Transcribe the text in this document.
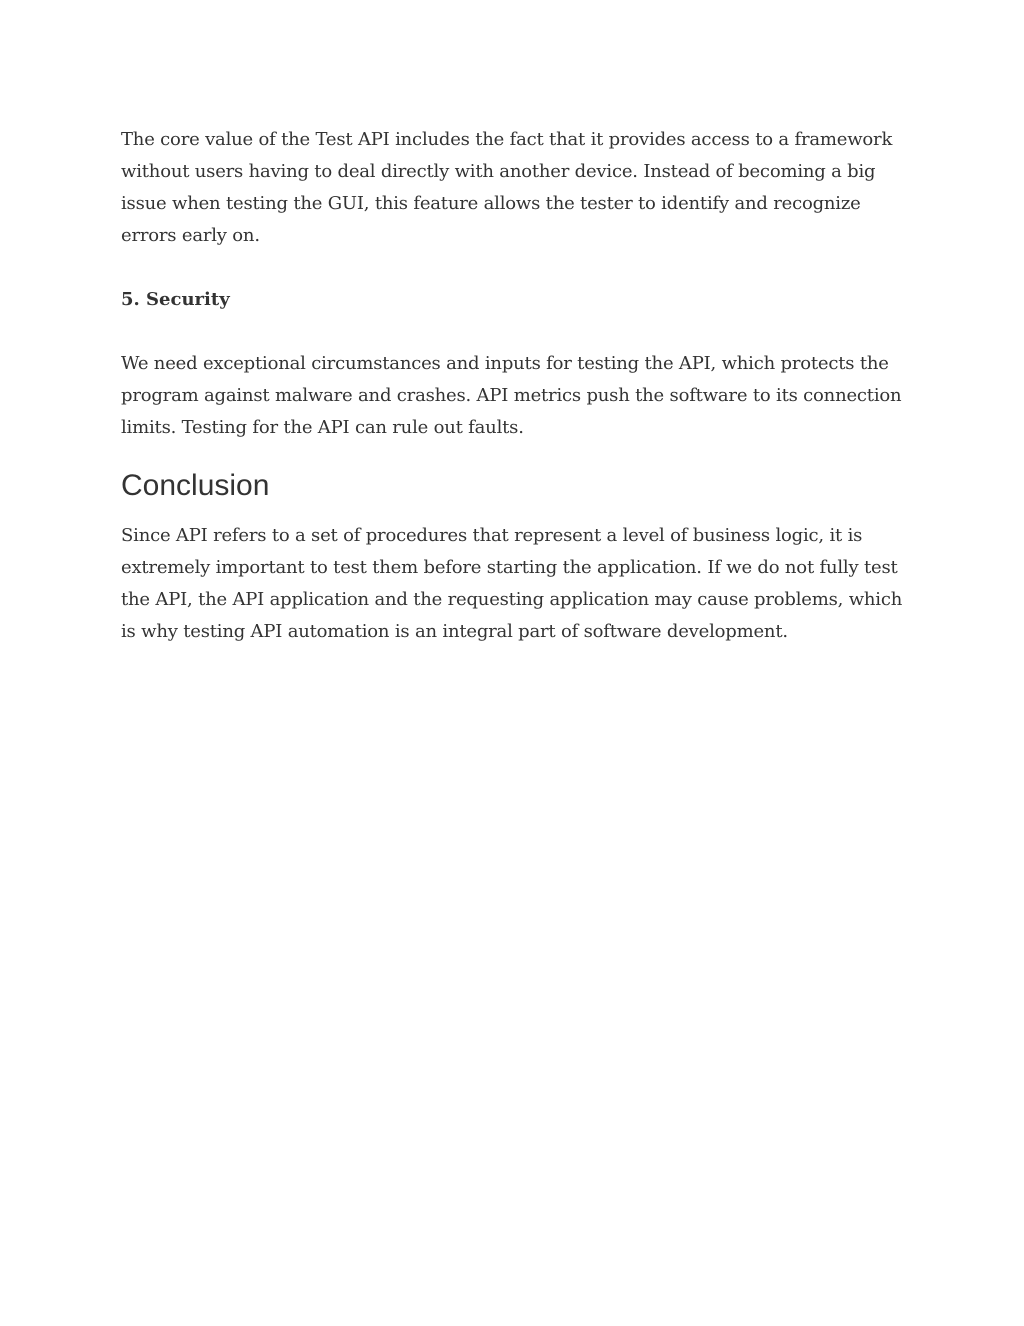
The core value of the Test API includes the fact that it provides access to a framework without users having to deal directly with another device. Instead of becoming a big issue when testing the GUI, this feature allows the tester to identify and recognize errors early on.

5. Security

We need exceptional circumstances and inputs for testing the API, which protects the program against malware and crashes. API metrics push the software to its connection limits. Testing for the API can rule out faults.

Conclusion

Since API refers to a set of procedures that represent a level of business logic, it is extremely important to test them before starting the application. If we do not fully test the API, the API application and the requesting application may cause problems, which is why testing API automation is an integral part of software development.
